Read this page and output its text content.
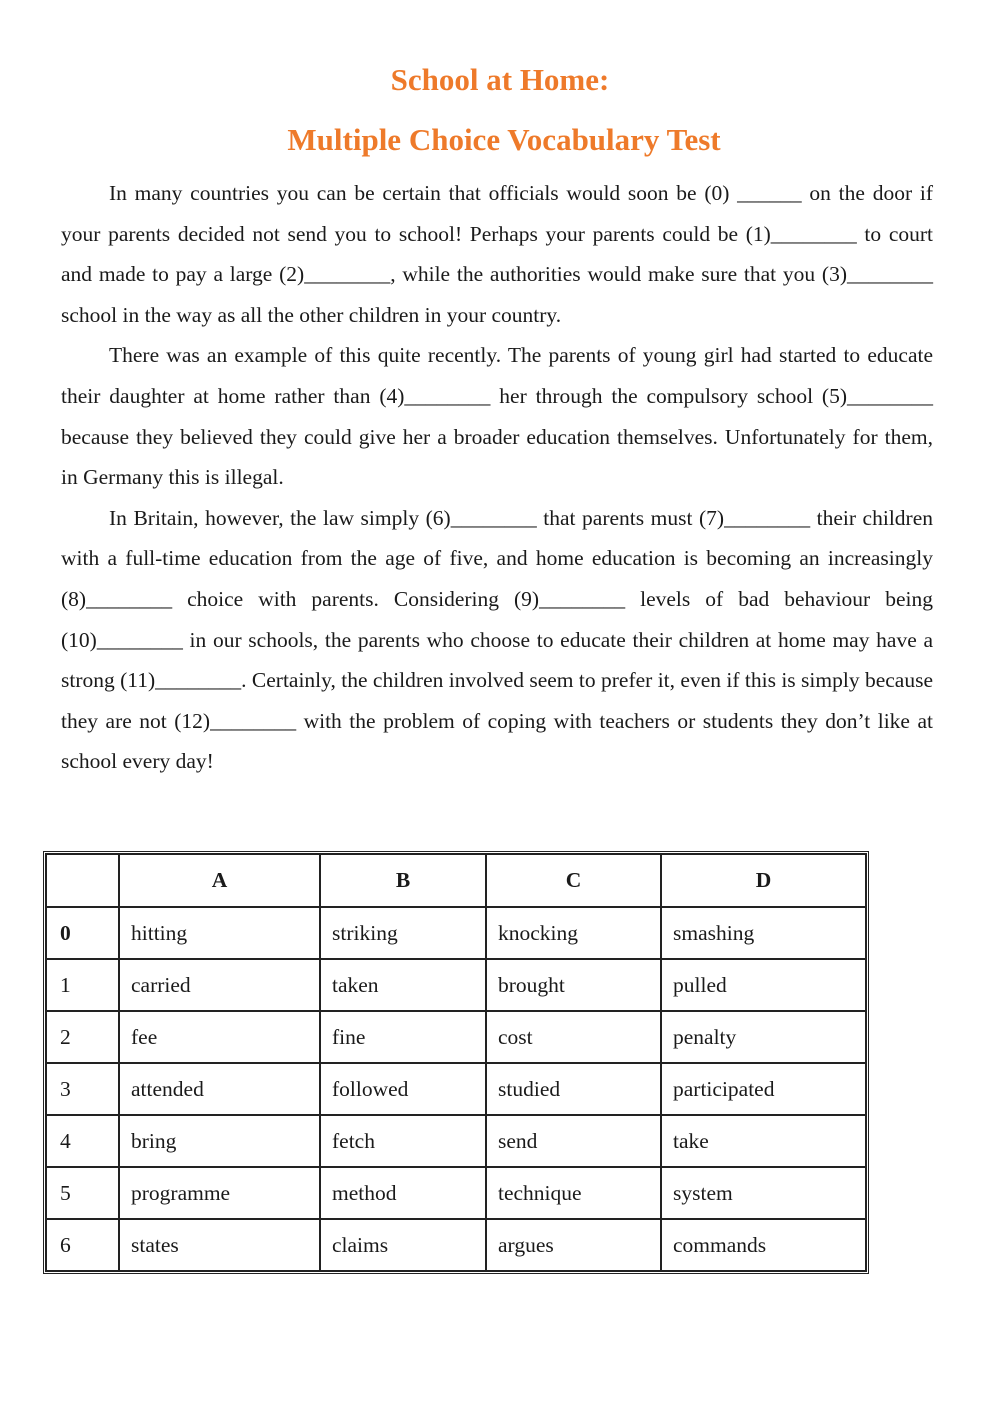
School at Home:
Multiple Choice Vocabulary Test

In many countries you can be certain that officials would soon be (0) ______ on the door if your parents decided not send you to school! Perhaps your parents could be (1)________ to court and made to pay a large (2)________, while the authorities would make sure that you (3)________ school in the way as all the other children in your country.

There was an example of this quite recently. The parents of young girl had started to educate their daughter at home rather than (4)________ her through the compulsory school (5)________ because they believed they could give her a broader education themselves. Unfortunately for them, in Germany this is illegal.

In Britain, however, the law simply (6)________ that parents must (7)________ their children with a full-time education from the age of five, and home education is becoming an increasingly (8)________ choice with parents. Considering (9)________ levels of bad behaviour being (10)________ in our schools, the parents who choose to educate their children at home may have a strong (11)________. Certainly, the children involved seem to prefer it, even if this is simply because they are not (12)________ with the problem of coping with teachers or students they don’t like at school every day!

	A	B	C	D
0	hitting	striking	knocking	smashing
1	carried	taken	brought	pulled
2	fee	fine	cost	penalty
3	attended	followed	studied	participated
4	bring	fetch	send	take
5	programme	method	technique	system
6	states	claims	argues	commands
